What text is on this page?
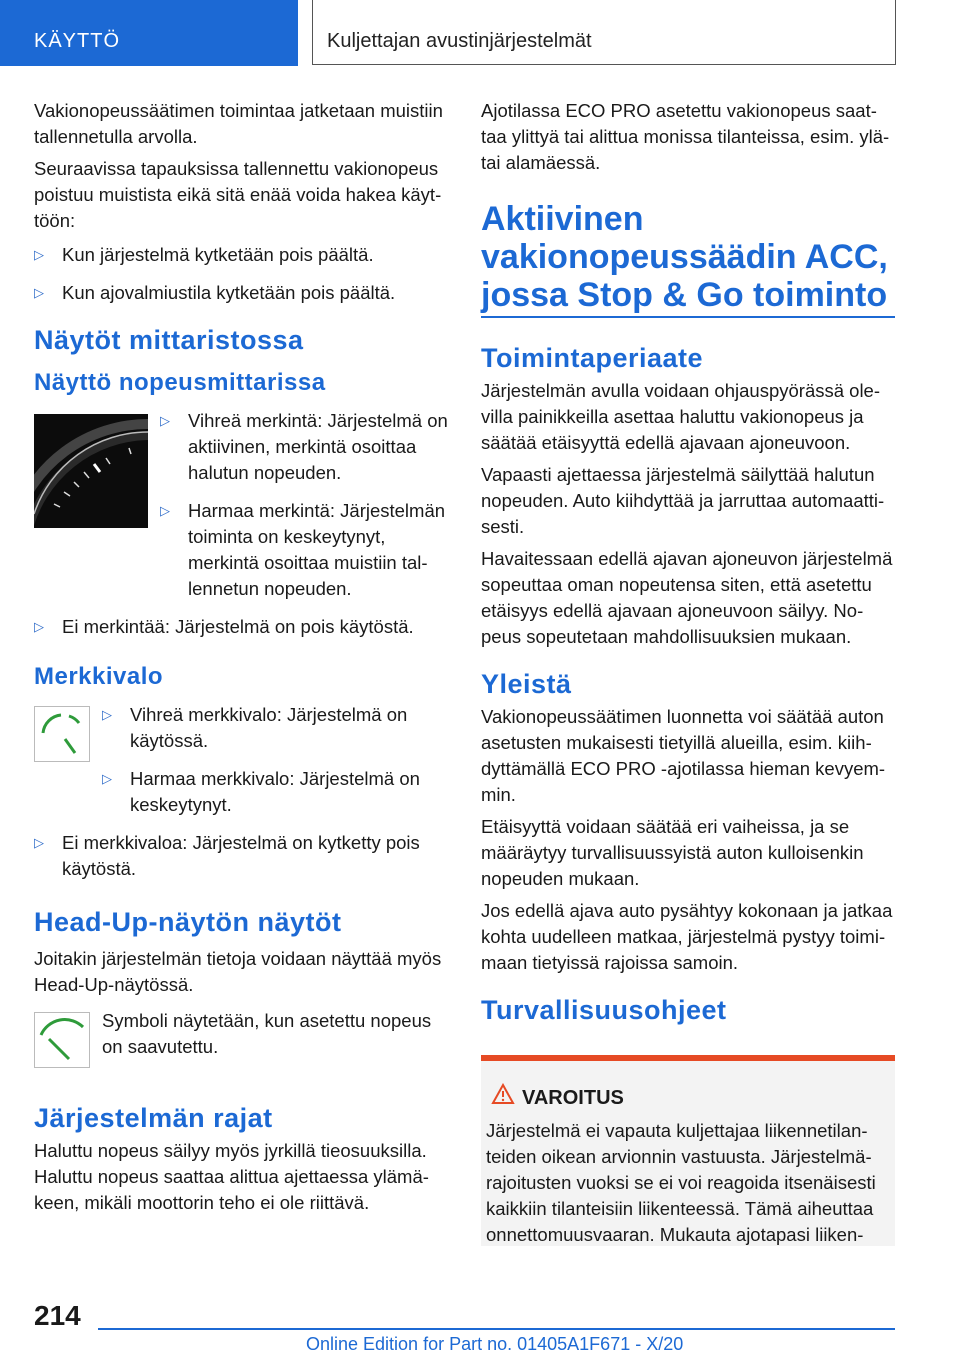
KÄYTTÖ	Kuljettajan avustinjärjestelmät

Vakionopeussäätimen toimintaa jatketaan muistiin tallennetulla arvolla.

Seuraavissa tapauksissa tallennettu vakionopeus poistuu muistista eikä sitä enää voida hakea käyttöön:

▷ Kun järjestelmä kytketään pois päältä.
▷ Kun ajovalmiustila kytketään pois päältä.
Näytöt mittaristossa
Näyttö nopeusmittarissa
▷ Vihreä merkintä: Järjestelmä on aktiivinen, merkintä osoittaa halutun nopeuden.
▷ Harmaa merkintä: Järjestelmän toiminta on keskeytynyt, merkintä osoittaa muistiin tallennetun nopeuden.
▷ Ei merkintää: Järjestelmä on pois käytöstä.
Merkkivalo
▷ Vihreä merkkivalo: Järjestelmä on käytössä.
▷ Harmaa merkkivalo: Järjestelmä on keskeytynyt.
▷ Ei merkkivaloa: Järjestelmä on kytketty pois käytöstä.
Head-Up-näytön näytöt

Joitakin järjestelmän tietoja voidaan näyttää myös Head-Up-näytössä.

Symboli näytetään, kun asetettu nopeus on saavutettu.

Järjestelmän rajat

Haluttu nopeus säilyy myös jyrkillä tieosuuksilla. Haluttu nopeus saattaa alittua ajettaessa ylämäkeen, mikäli moottorin teho ei ole riittävä.

Ajotilassa ECO PRO asetettu vakionopeus saattaa ylittyä tai alittua monissa tilanteissa, esim. ylä- tai alamäessä.

Aktiivinen vakionopeussäädin ACC, jossa Stop & Go toiminto
Toimintaperiaate

Järjestelmän avulla voidaan ohjauspyörässä olevilla painikkeilla asettaa haluttu vakionopeus ja säätää etäisyyttä edellä ajavaan ajoneuvoon.

Vapaasti ajettaessa järjestelmä säilyttää halutun nopeuden. Auto kiihdyttää ja jarruttaa automaattisesti.

Havaitessaan edellä ajavan ajoneuvon järjestelmä sopeuttaa oman nopeutensa siten, että asetettu etäisyys edellä ajavaan ajoneuvoon säilyy. Nopeus sopeutetaan mahdollisuuksien mukaan.

Yleistä

Vakionopeussäätimen luonnetta voi säätää auton asetusten mukaisesti tietyillä alueilla, esim. kiihdyttämällä ECO PRO -ajotilassa hieman kevyemmin.

Etäisyyttä voidaan säätää eri vaiheissa, ja se määräytyy turvallisuussyistä auton kulloisenkin nopeuden mukaan.

Jos edellä ajava auto pysähtyy kokonaan ja jatkaa kohta uudelleen matkaa, järjestelmä pystyy toimimaan tietyissä rajoissa samoin.

Turvallisuusohjeet
VAROITUS
Järjestelmä ei vapauta kuljettajaa liikennetilanteiden oikean arvionnin vastuusta. Järjestelmärajoitusten vuoksi se ei voi reagoida itsenäisesti kaikkiin tilanteisiin liikenteessä. Tämä aiheuttaa onnettomuusvaaran. Mukauta ajotapasi liiken-
214
Online Edition for Part no. 01405A1F671 - X/20
